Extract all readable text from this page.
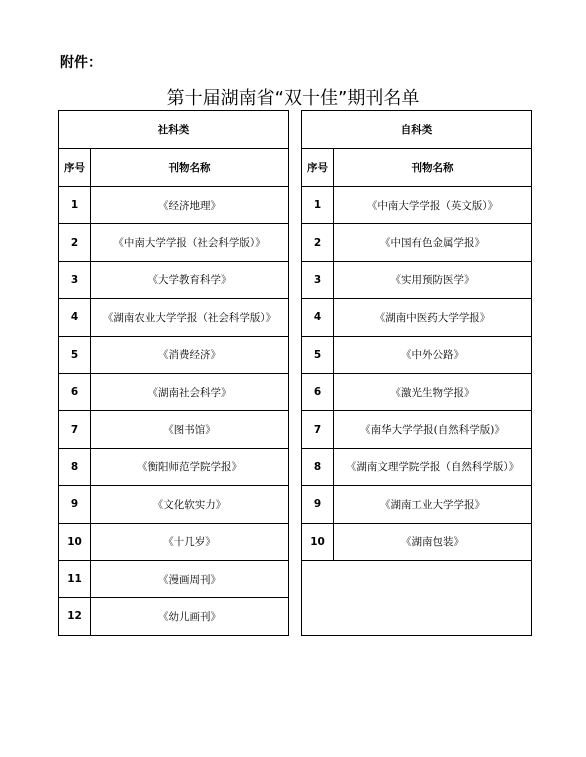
附件：
第十届湖南省“双十佳”期刊名单
社科类	
序号	刊物名称
1	《经济地理》
2	《中南大学学报（社会科学版）》
3	《大学教育科学》
4	《湖南农业大学学报（社会科学版）》
5	《消费经济》
6	《湖南社会科学》
7	《图书馆》
8	《衡阳师范学院学报》
9	《文化软实力》
10	《十几岁》
11	《漫画周刊》
12	《幼儿画刊》
自科类	
序号	刊物名称
1	《中南大学学报（英文版）》
2	《中国有色金属学报》
3	《实用预防医学》
4	《湖南中医药大学学报》
5	《中外公路》
6	《激光生物学报》
7	《南华大学学报(自然科学版)》
8	《湖南文理学院学报（自然科学版）》
9	《湖南工业大学学报》
10	《湖南包装》
